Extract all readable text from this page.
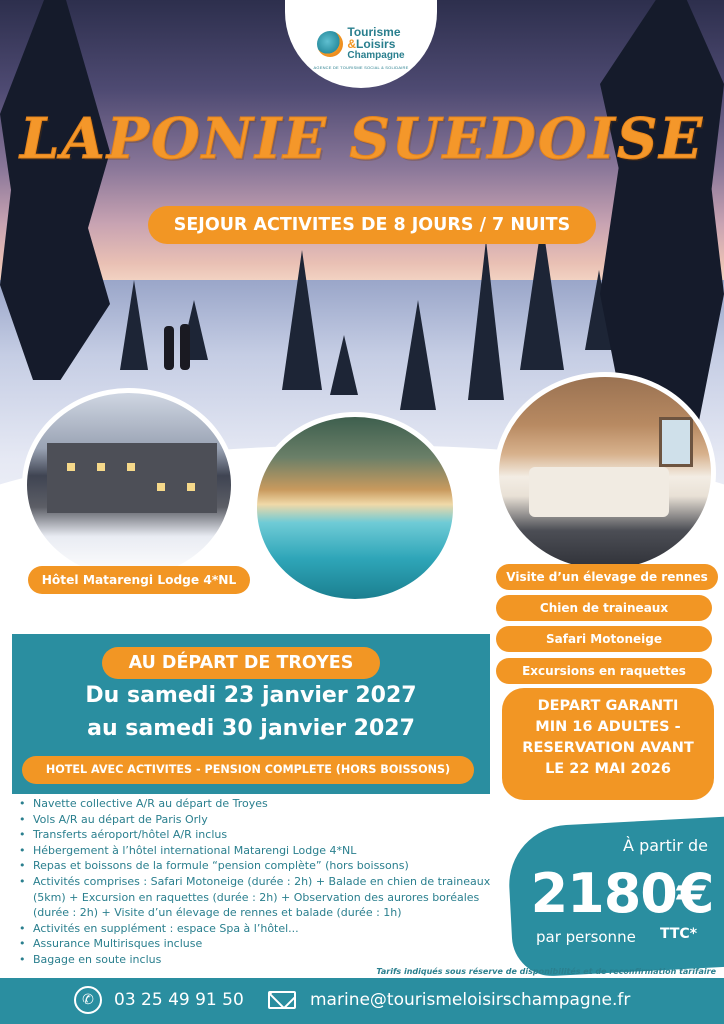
Tourisme
&Loisirs
Champagne
AGENCE DE TOURISME SOCIAL & SOLIDAIRE
LAPONIE SUEDOISE
SEJOUR ACTIVITES DE 8 JOURS / 7 NUITS
Hôtel Matarengi Lodge 4*NL	Visite d’un élevage de rennes
Chien de traineaux
Safari Motoneige
Excursions en raquettes
DEPART GARANTI
MIN 16 ADULTES -
RESERVATION AVANT
LE 22 MAI 2026
AU DÉPART DE TROYES
Du samedi 23 janvier 2027
au samedi 30 janvier 2027
HOTEL AVEC ACTIVITES - PENSION COMPLETE (HORS BOISSONS)
• Navette collective A/R au départ de Troyes
• Vols A/R au départ de Paris Orly
• Transferts aéroport/hôtel A/R inclus
• Hébergement à l’hôtel international Matarengi Lodge 4*NL
• Repas et boissons de la formule “pension complète” (hors boissons)
• Activités comprises : Safari Motoneige (durée : 2h) + Balade en chien de traineaux (5km) + Excursion en raquettes (durée : 2h) + Observation des aurores boréales (durée : 2h) + Visite d’un élevage de rennes et balade (durée : 1h)
• Activités en supplément : espace Spa à l’hôtel...
• Assurance Multirisques incluse
• Bagage en soute inclus
À partir de
2180€
par personne TTC*
Tarifs indiqués sous réserve de disponibilités et de reconfirmation tarifaire
✆
03 25 49 91 50	marine@tourismeloisirschampagne.fr
